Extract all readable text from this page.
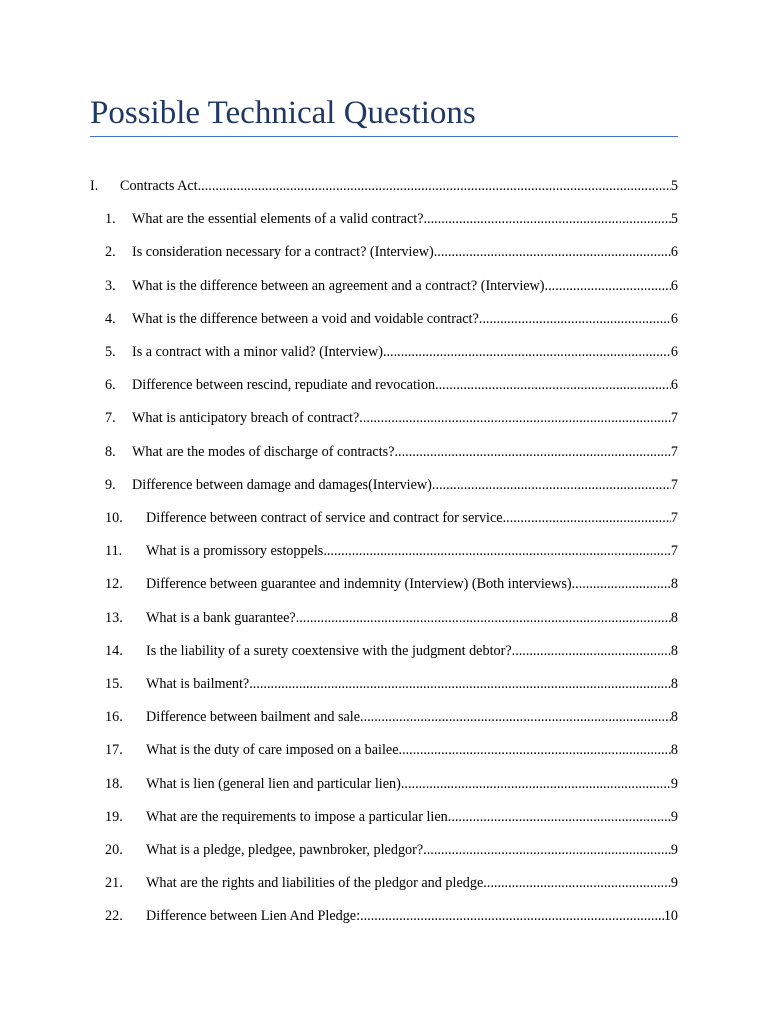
Possible Technical Questions
I. Contracts Act .....	5
1. What are the essential elements of a valid contract? .....	5
2. Is consideration necessary for a contract? (Interview) .....	6
3. What is the difference between an agreement and a contract? (Interview) .....	6
4. What is the difference between a void and voidable contract? .....	6
5. Is a contract with a minor valid? (Interview) .....	6
6. Difference between rescind, repudiate and revocation .....	6
7. What is anticipatory breach of contract? .....	7
8. What are the modes of discharge of contracts? .....	7
9. Difference between damage and damages(Interview) .....	7
10. Difference between contract of service and contract for service .....	7
11. What is a promissory estoppels .....	7
12. Difference between guarantee and indemnity (Interview) (Both interviews) .....	8
13. What is a bank guarantee? .....	8
14. Is the liability of a surety coextensive with the judgment debtor? .....	8
15. What is bailment? .....	8
16. Difference between bailment and sale .....	8
17. What is the duty of care imposed on a bailee .....	8
18. What is lien (general lien and particular lien) .....	9
19. What are the requirements to impose a particular lien .....	9
20. What is a pledge, pledgee, pawnbroker, pledgor? .....	9
21. What are the rights and liabilities of the pledgor and pledge .....	9
22. Difference between Lien And Pledge: .....	10
